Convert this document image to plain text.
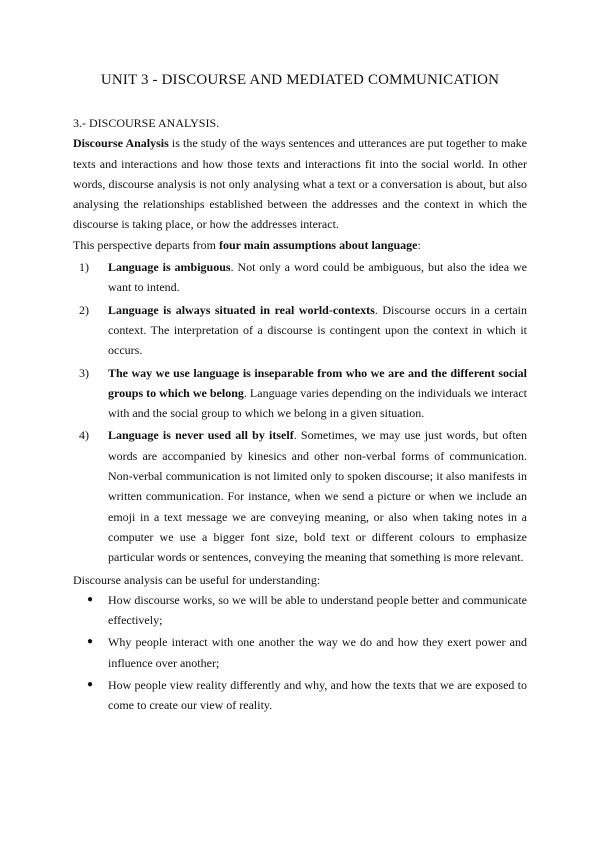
UNIT 3 - DISCOURSE AND MEDIATED COMMUNICATION
3.- DISCOURSE ANALYSIS.

Discourse Analysis is the study of the ways sentences and utterances are put together to make texts and interactions and how those texts and interactions fit into the social world. In other words, discourse analysis is not only analysing what a text or a conversation is about, but also analysing the relationships established between the addresses and the context in which the discourse is taking place, or how the addresses interact.

This perspective departs from four main assumptions about language:

1) Language is ambiguous. Not only a word could be ambiguous, but also the idea we want to intend.
2) Language is always situated in real world-contexts. Discourse occurs in a certain context. The interpretation of a discourse is contingent upon the context in which it occurs.
3) The way we use language is inseparable from who we are and the different social groups to which we belong. Language varies depending on the individuals we interact with and the social group to which we belong in a given situation.
4) Language is never used all by itself. Sometimes, we may use just words, but often words are accompanied by kinesics and other non-verbal forms of communication. Non-verbal communication is not limited only to spoken discourse; it also manifests in written communication. For instance, when we send a picture or when we include an emoji in a text message we are conveying meaning, or also when taking notes in a computer we use a bigger font size, bold text or different colours to emphasize particular words or sentences, conveying the meaning that something is more relevant.

Discourse analysis can be useful for understanding:

● How discourse works, so we will be able to understand people better and communicate effectively;
● Why people interact with one another the way we do and how they exert power and influence over another;
● How people view reality differently and why, and how the texts that we are exposed to come to create our view of reality.
